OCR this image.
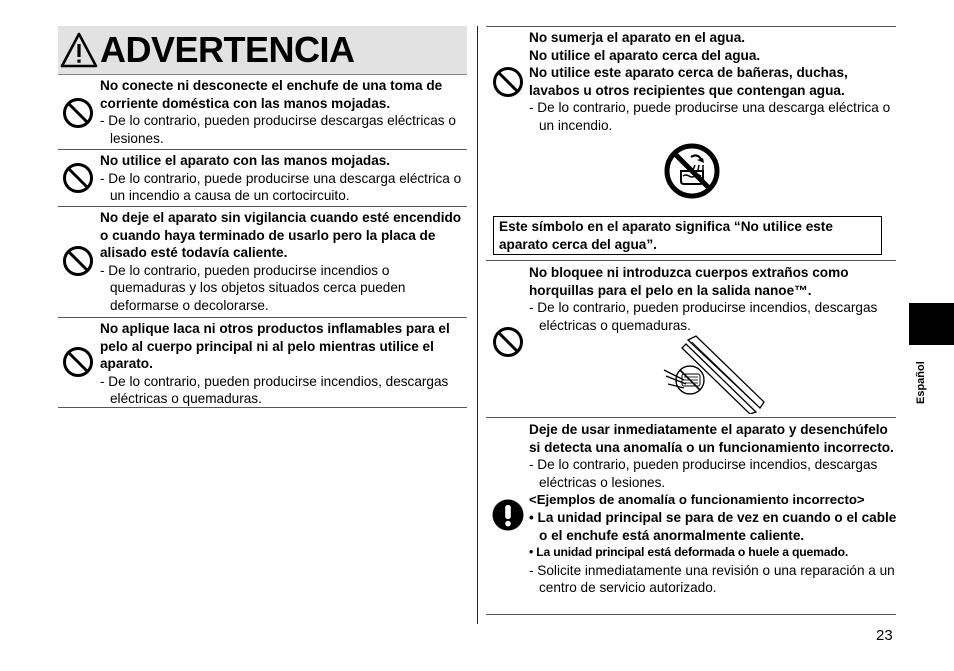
ADVERTENCIA
No conecte ni desconecte el enchufe de una toma de corriente doméstica con las manos mojadas.
- De lo contrario, pueden producirse descargas eléctricas o lesiones.
No utilice el aparato con las manos mojadas.
- De lo contrario, puede producirse una descarga eléctrica o un incendio a causa de un cortocircuito.
No deje el aparato sin vigilancia cuando esté encendido o cuando haya terminado de usarlo pero la placa de alisado esté todavía caliente.
- De lo contrario, pueden producirse incendios o quemaduras y los objetos situados cerca pueden deformarse o decolorarse.
No aplique laca ni otros productos inflamables para el pelo al cuerpo principal ni al pelo mientras utilice el aparato.
- De lo contrario, pueden producirse incendios, descargas eléctricas o quemaduras.
No sumerja el aparato en el agua.
No utilice el aparato cerca del agua.
No utilice este aparato cerca de bañeras, duchas, lavabos u otros recipientes que contengan agua.
- De lo contrario, puede producirse una descarga eléctrica o un incendio.
Este símbolo en el aparato significa “No utilice este aparato cerca del agua”.
No bloquee ni introduzca cuerpos extraños como horquillas para el pelo en la salida nanoe™.
- De lo contrario, pueden producirse incendios, descargas eléctricas o quemaduras.
Deje de usar inmediatamente el aparato y desenchúfelo si detecta una anomalía o un funcionamiento incorrecto.
- De lo contrario, pueden producirse incendios, descargas eléctricas o lesiones.
<Ejemplos de anomalía o funcionamiento incorrecto>
• La unidad principal se para de vez en cuando o el cable o el enchufe está anormalmente caliente.
• La unidad principal está deformada o huele a quemado.
- Solicite inmediatamente una revisión o una reparación a un centro de servicio autorizado.
Español
23
